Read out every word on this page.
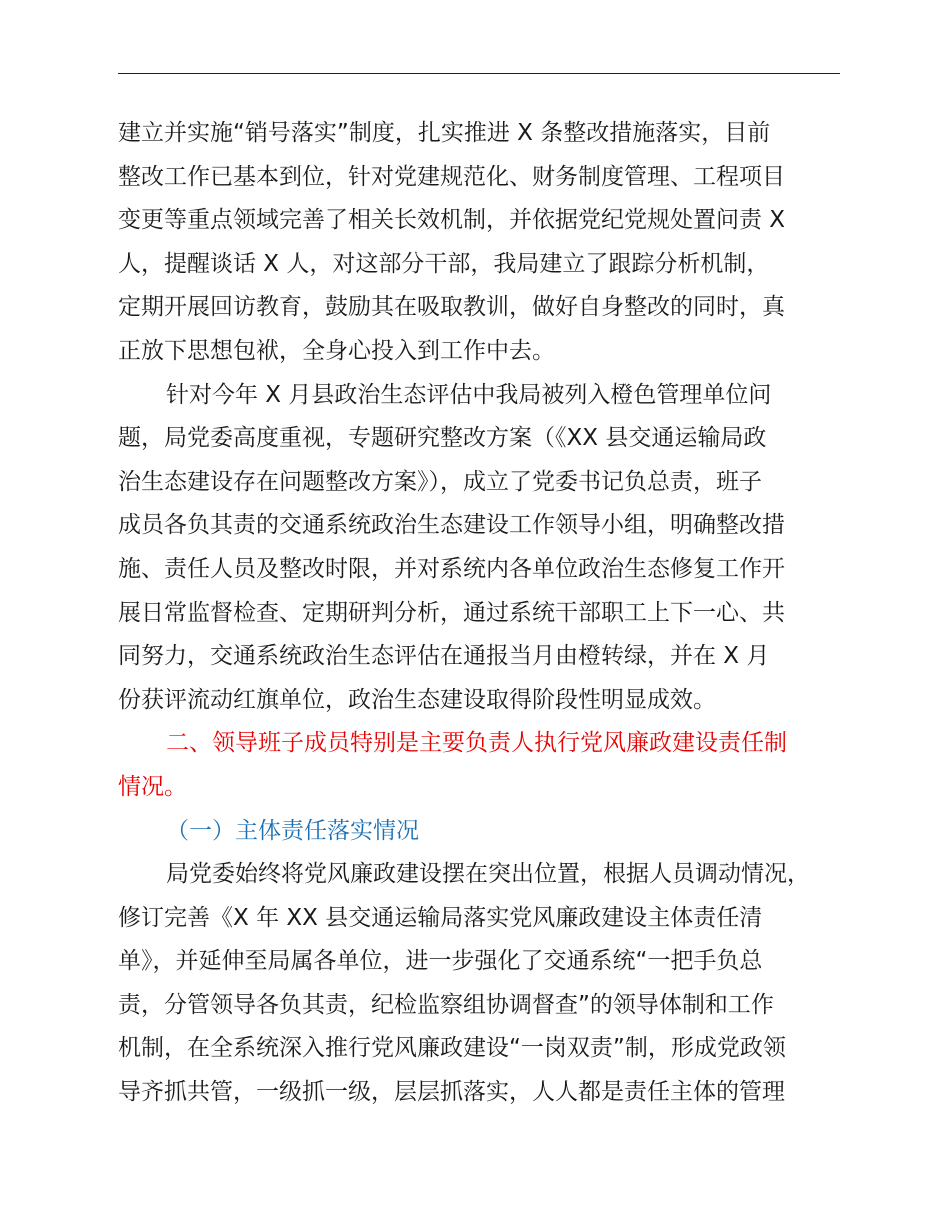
建立并实施“销号落实”制度，扎实推进 X 条整改措施落实，目前
整改工作已基本到位，针对党建规范化、财务制度管理、工程项目
变更等重点领域完善了相关长效机制，并依据党纪党规处置问责 X
人，提醒谈话 X 人，对这部分干部，我局建立了跟踪分析机制，
定期开展回访教育，鼓励其在吸取教训，做好自身整改的同时，真
正放下思想包袱，全身心投入到工作中去。
针对今年 X 月县政治生态评估中我局被列入橙色管理单位问
题，局党委高度重视，专题研究整改方案（《XX 县交通运输局政
治生态建设存在问题整改方案》），成立了党委书记负总责，班子
成员各负其责的交通系统政治生态建设工作领导小组，明确整改措
施、责任人员及整改时限，并对系统内各单位政治生态修复工作开
展日常监督检查、定期研判分析，通过系统干部职工上下一心、共
同努力，交通系统政治生态评估在通报当月由橙转绿，并在 X 月
份获评流动红旗单位，政治生态建设取得阶段性明显成效。
二、领导班子成员特别是主要负责人执行党风廉政建设责任制
情况。
（一）主体责任落实情况
局党委始终将党风廉政建设摆在突出位置，根据人员调动情况，
修订完善《X 年 XX 县交通运输局落实党风廉政建设主体责任清
单》，并延伸至局属各单位，进一步强化了交通系统“一把手负总
责，分管领导各负其责，纪检监察组协调督查”的领导体制和工作
机制，在全系统深入推行党风廉政建设“一岗双责”制，形成党政领
导齐抓共管，一级抓一级，层层抓落实，人人都是责任主体的管理
